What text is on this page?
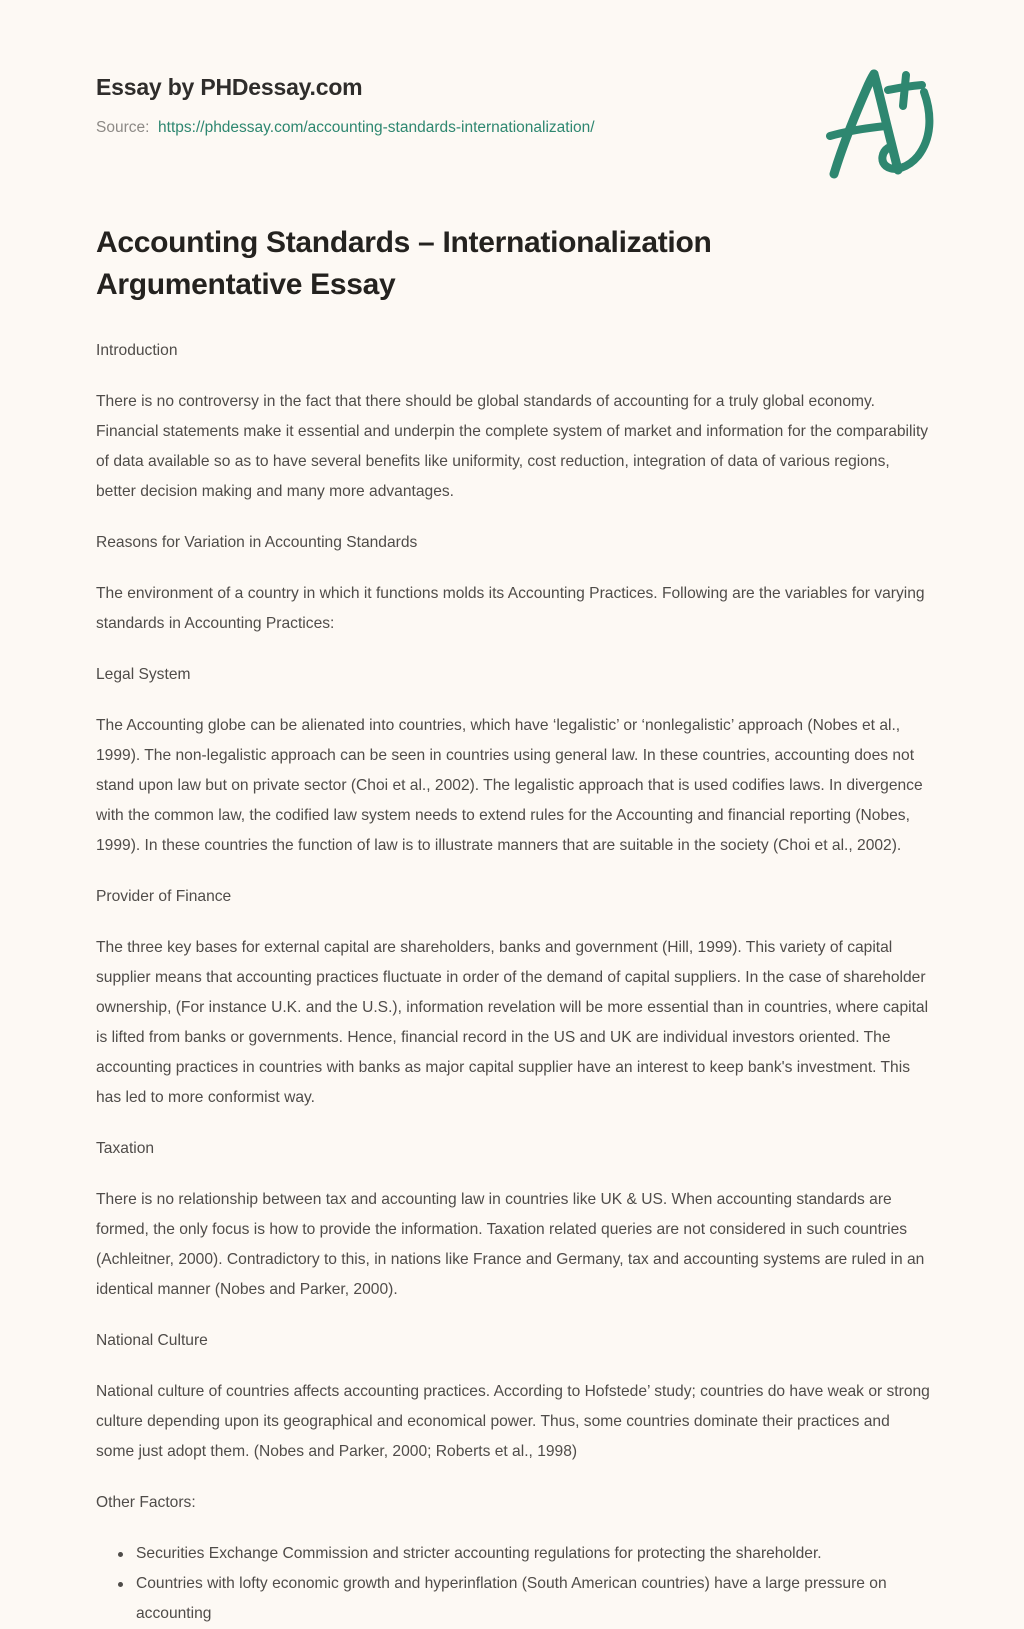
Essay by PHDessay.com
Source: https://phdessay.com/accounting-standards-internationalization/
Accounting Standards – Internationalization Argumentative Essay

Introduction

There is no controversy in the fact that there should be global standards of accounting for a truly global economy. Financial statements make it essential and underpin the complete system of market and information for the comparability of data available so as to have several benefits like uniformity, cost reduction, integration of data of various regions, better decision making and many more advantages.

Reasons for Variation in Accounting Standards

The environment of a country in which it functions molds its Accounting Practices. Following are the variables for varying standards in Accounting Practices:

Legal System

The Accounting globe can be alienated into countries, which have ‘legalistic’ or ‘nonlegalistic’ approach (Nobes et al., 1999). The non-legalistic approach can be seen in countries using general law. In these countries, accounting does not stand upon law but on private sector (Choi et al., 2002). The legalistic approach that is used codifies laws. In divergence with the common law, the codified law system needs to extend rules for the Accounting and financial reporting (Nobes, 1999). In these countries the function of law is to illustrate manners that are suitable in the society (Choi et al., 2002).

Provider of Finance

The three key bases for external capital are shareholders, banks and government (Hill, 1999). This variety of capital supplier means that accounting practices fluctuate in order of the demand of capital suppliers. In the case of shareholder ownership, (For instance U.K. and the U.S.), information revelation will be more essential than in countries, where capital is lifted from banks or governments. Hence, financial record in the US and UK are individual investors oriented. The accounting practices in countries with banks as major capital supplier have an interest to keep bank's investment. This has led to more conformist way.

Taxation

There is no relationship between tax and accounting law in countries like UK & US. When accounting standards are formed, the only focus is how to provide the information. Taxation related queries are not considered in such countries (Achleitner, 2000). Contradictory to this, in nations like France and Germany, tax and accounting systems are ruled in an identical manner (Nobes and Parker, 2000).

National Culture

National culture of countries affects accounting practices. According to Hofstede’ study; countries do have weak or strong culture depending upon its geographical and economical power. Thus, some countries dominate their practices and some just adopt them. (Nobes and Parker, 2000; Roberts et al., 1998)

Other Factors:

Securities Exchange Commission and stricter accounting regulations for protecting the shareholder.
Countries with lofty economic growth and hyperinflation (South American countries) have a large pressure on accounting
